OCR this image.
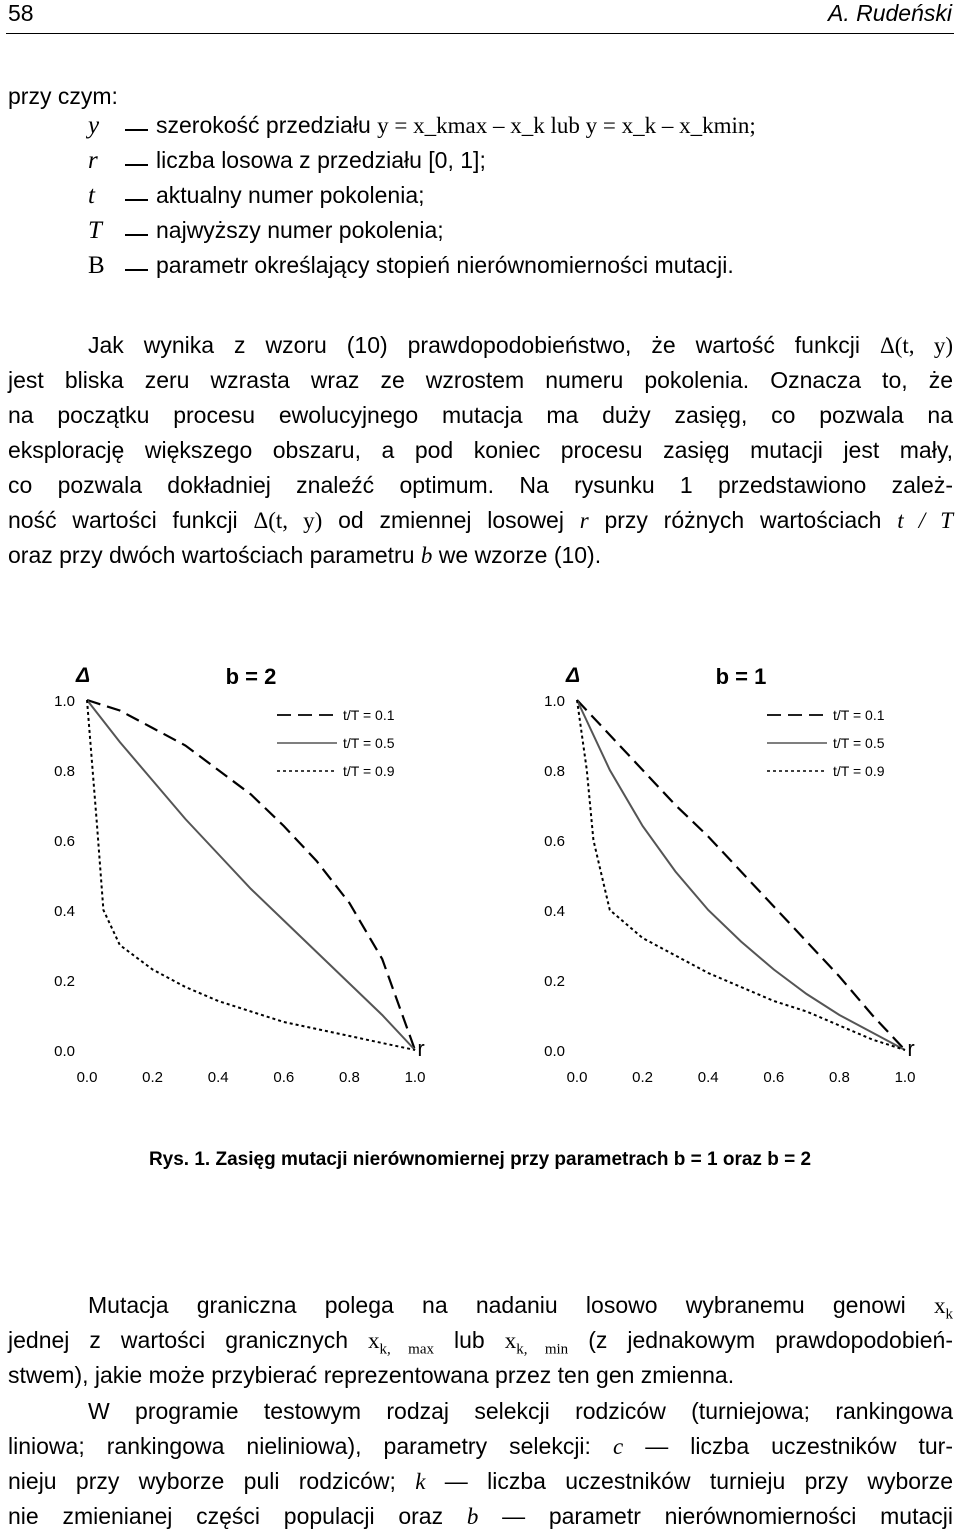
58	A. Rudeński
przy czym:
y szerokość przedziału y = x_kmax – x_k lub y = x_k – x_kmin;
r	liczba losowa z przedziału [0, 1];
t	aktualny numer pokolenia;
T najwyższy numer pokolenia;
B parametr określający stopień nierównomierności mutacji.
Jak wynika z wzoru (10) prawdopodobieństwo, że wartość funkcji Δ(t, y)
jest bliska zeru wzrasta wraz ze wzrostem numeru pokolenia. Oznacza to, że
na początku procesu ewolucyjnego mutacja ma duży zasięg, co pozwala na
eksplorację większego obszaru, a pod koniec procesu zasięg mutacji jest mały,
co pozwala dokładniej znaleźć optimum. Na rysunku 1 przedstawiono zależ-
ność wartości funkcji Δ(t, y) od zmiennej losowej r przy różnych wartościach t / T
oraz przy dwóch wartościach parametru b we wzorze (10).
0.0
0.2
0.4
0.6
0.8
1.0
0.0	0.2	0.4	0.6	0.8	1.0
Δ
r
b = 2
t/T = 0.1
t/T = 0.5
t/T = 0.9
0.0
0.2
0.4
0.6
0.8
1.0
0.0	0.2	0.4	0.6	0.8	1.0
Δ
r
b = 1
t/T = 0.1
t/T = 0.5
t/T = 0.9
Rys. 1. Zasięg mutacji nierównomiernej przy parametrach b = 1 oraz b = 2
Mutacja graniczna polega na nadaniu losowo wybranemu genowi $x_k$
jednej z wartości granicznych $x_{k, max}$ lub $x_{k, min}$ (z jednakowym prawdopodobień-
stwem), jakie może przybierać reprezentowana przez ten gen zmienna.
W programie testowym rodzaj selekcji rodziców (turniejowa; rankingowa
liniowa; rankingowa nieliniowa), parametry selekcji: c — liczba uczestników tur-
nieju przy wyborze puli rodziców; k — liczba uczestników turnieju przy wyborze
nie zmienianej części populacji oraz b — parametr nierównomierności mutacji
